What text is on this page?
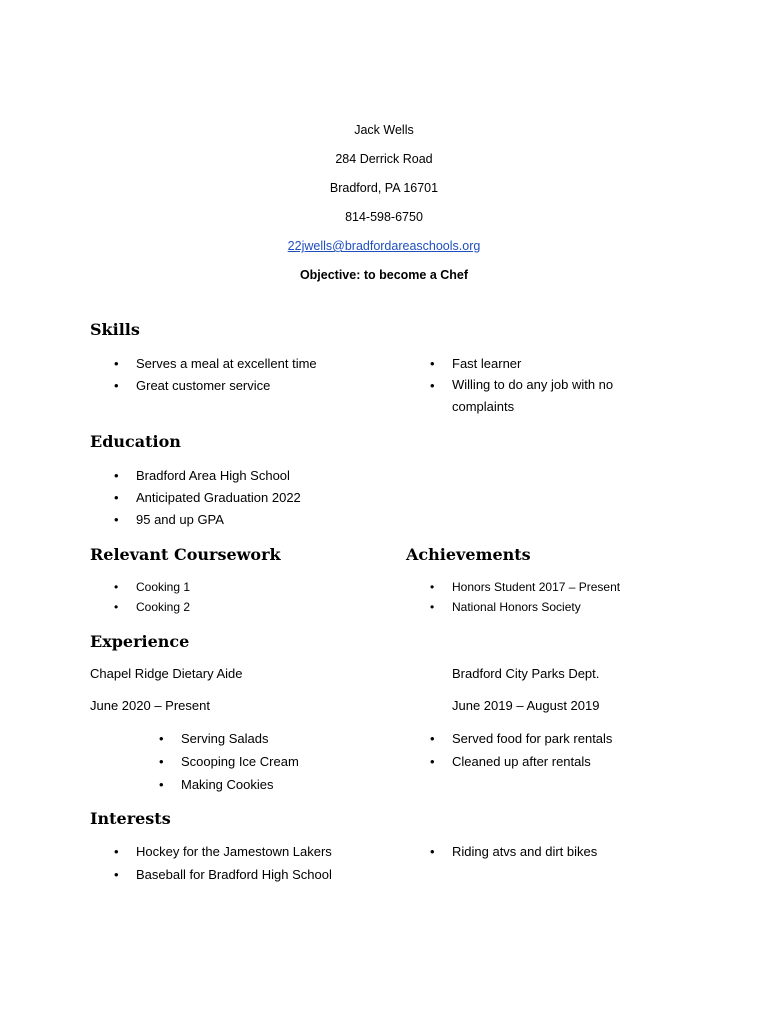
Jack Wells
284 Derrick Road
Bradford, PA 16701
814-598-6750
22jwells@bradfordareaschools.org
Objective: to become a Chef
Skills
• Serves a meal at excellent time
• Great customer service
• Fast learner
• Willing to do any job with no complaints
Education
• Bradford Area High School
• Anticipated Graduation 2022
• 95 and up GPA
Relevant Coursework	Achievements
• Cooking 1
• Cooking 2
• Honors Student 2017 – Present
• National Honors Society
Experience
Chapel Ridge Dietary Aide
June 2020 – Present
Bradford City Parks Dept.
June 2019 – August 2019
• Serving Salads
• Scooping Ice Cream
• Making Cookies
• Served food for park rentals
• Cleaned up after rentals
Interests
• Hockey for the Jamestown Lakers
• Baseball for Bradford High School
• Riding atvs and dirt bikes
